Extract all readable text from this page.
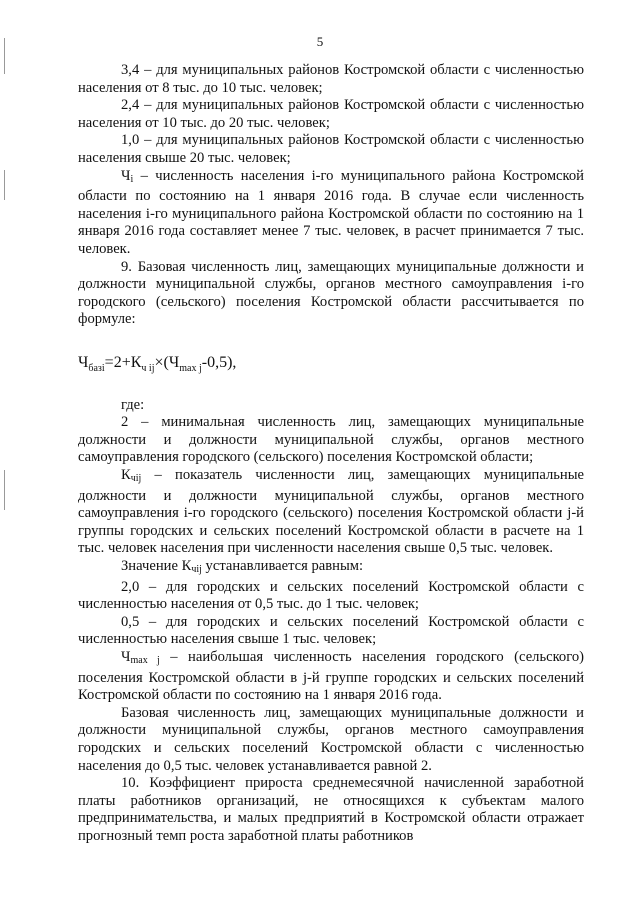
5

3,4 – для муниципальных районов Костромской области с численностью населения от 8 тыс. до 10 тыс. человек;

2,4 – для муниципальных районов Костромской области с численностью населения от 10 тыс. до 20 тыс. человек;

1,0 – для муниципальных районов Костромской области с численностью населения свыше 20 тыс. человек;

$Ч_i$ – численность населения i-го муниципального района Костромской области по состоянию на 1 января 2016 года. В случае если численность населения i-го муниципального района Костромской области по состоянию на 1 января 2016 года составляет менее 7 тыс. человек, в расчет принимается 7 тыс. человек.

9. Базовая численность лиц, замещающих муниципальные должности и должности муниципальной службы, органов местного самоуправления i-го городского (сельского) поселения Костромской области рассчитывается по формуле:

$Ч_{базi}=2+К_{ч ij}\times(Ч_{max j}-0,5)$,

где:

2 – минимальная численность лиц, замещающих муниципальные должности и должности муниципальной службы, органов местного самоуправления городского (сельского) поселения Костромской области;

$К_{чij}$ – показатель численности лиц, замещающих муниципальные должности и должности муниципальной службы, органов местного самоуправления i-го городского (сельского) поселения Костромской области j-й группы городских и сельских поселений Костромской области в расчете на 1 тыс. человек населения при численности населения свыше 0,5 тыс. человек.

Значение $К_{чij}$ устанавливается равным:

2,0 – для городских и сельских поселений Костромской области с численностью населения от 0,5 тыс. до 1 тыс. человек;

0,5 – для городских и сельских поселений Костромской области с численностью населения свыше 1 тыс. человек;

$Ч_{max j}$ – наибольшая численность населения городского (сельского) поселения Костромской области в j-й группе городских и сельских поселений Костромской области по состоянию на 1 января 2016 года.

Базовая численность лиц, замещающих муниципальные должности и должности муниципальной службы, органов местного самоуправления городских и сельских поселений Костромской области с численностью населения до 0,5 тыс. человек устанавливается равной 2.

10. Коэффициент прироста среднемесячной начисленной заработной платы работников организаций, не относящихся к субъектам малого предпринимательства, и малых предприятий в Костромской области отражает прогнозный темп роста заработной платы работников
